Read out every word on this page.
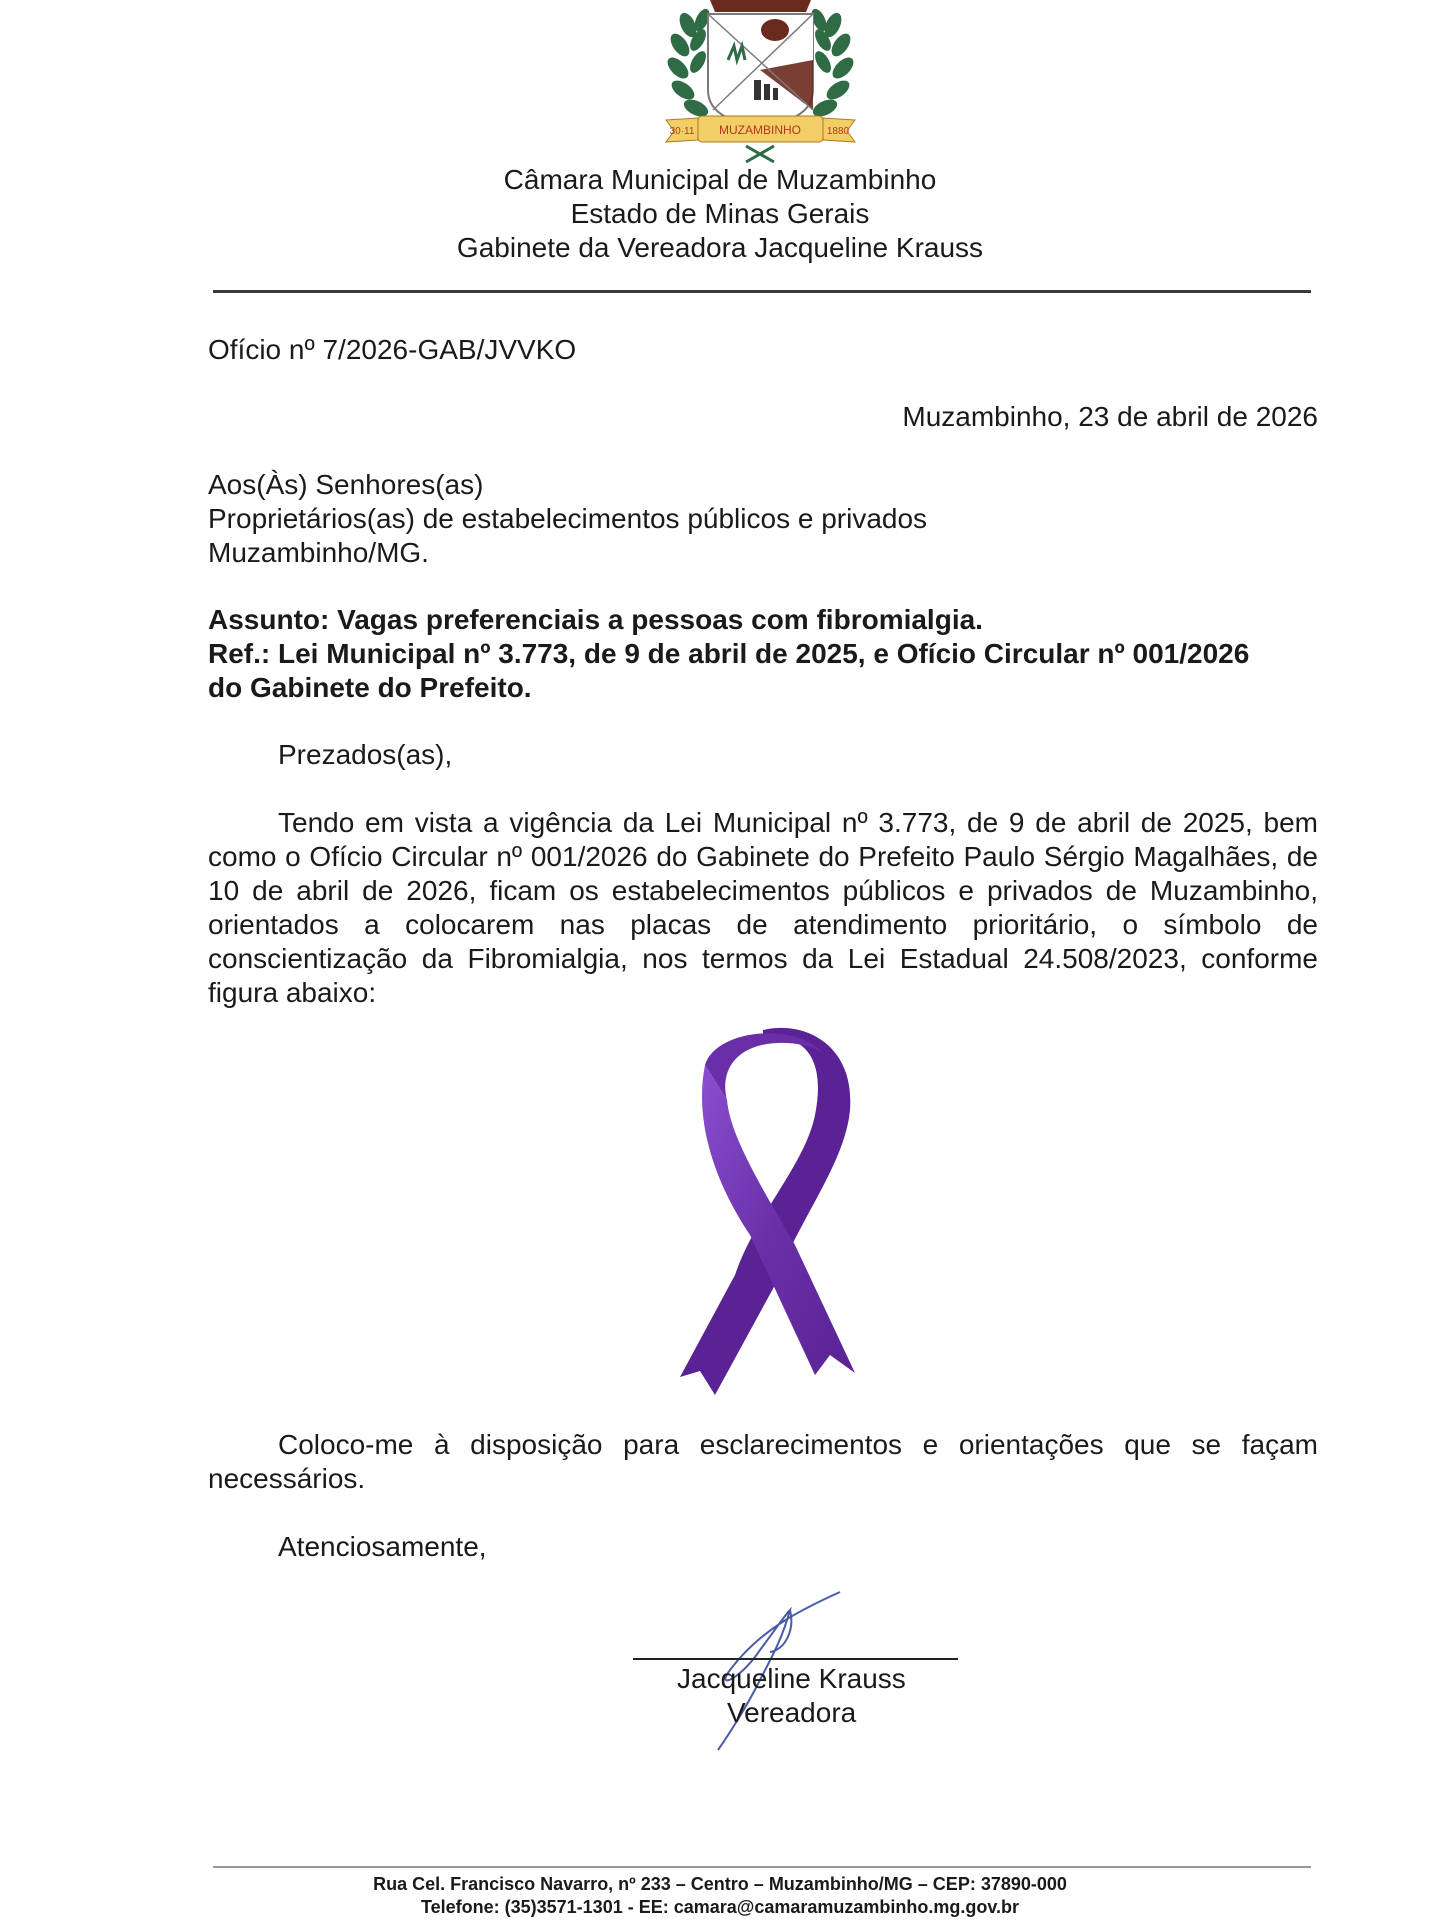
30·11 MUZAMBINHO	1880
Câmara Municipal de Muzambinho
Estado de Minas Gerais
Gabinete da Vereadora Jacqueline Krauss
Ofício nº 7/2026-GAB/JVVKO
Muzambinho, 23 de abril de 2026
Aos(Às) Senhores(as)
Proprietários(as) de estabelecimentos públicos e privados
Muzambinho/MG.
Assunto: Vagas preferenciais a pessoas com fibromialgia.
Ref.: Lei Municipal nº 3.773, de 9 de abril de 2025, e Ofício Circular nº 001/2026
do Gabinete do Prefeito.
Prezados(as),
Tendo em vista a vigência da Lei Municipal nº 3.773, de 9 de abril de 2025, bem como o Ofício Circular nº 001/2026 do Gabinete do Prefeito Paulo Sérgio Magalhães, de 10 de abril de 2026, ficam os estabelecimentos públicos e privados de Muzambinho, orientados a colocarem nas placas de atendimento prioritário, o símbolo de conscientização da Fibromialgia, nos termos da Lei Estadual 24.508/2023, conforme figura abaixo:
Coloco-me à disposição para esclarecimentos e orientações que se façam necessários.
Atenciosamente,
Jacqueline Krauss
Vereadora
Rua Cel. Francisco Navarro, nº 233 – Centro – Muzambinho/MG – CEP: 37890-000
Telefone: (35)3571-1301 - EE: camara@camaramuzambinho.mg.gov.br
